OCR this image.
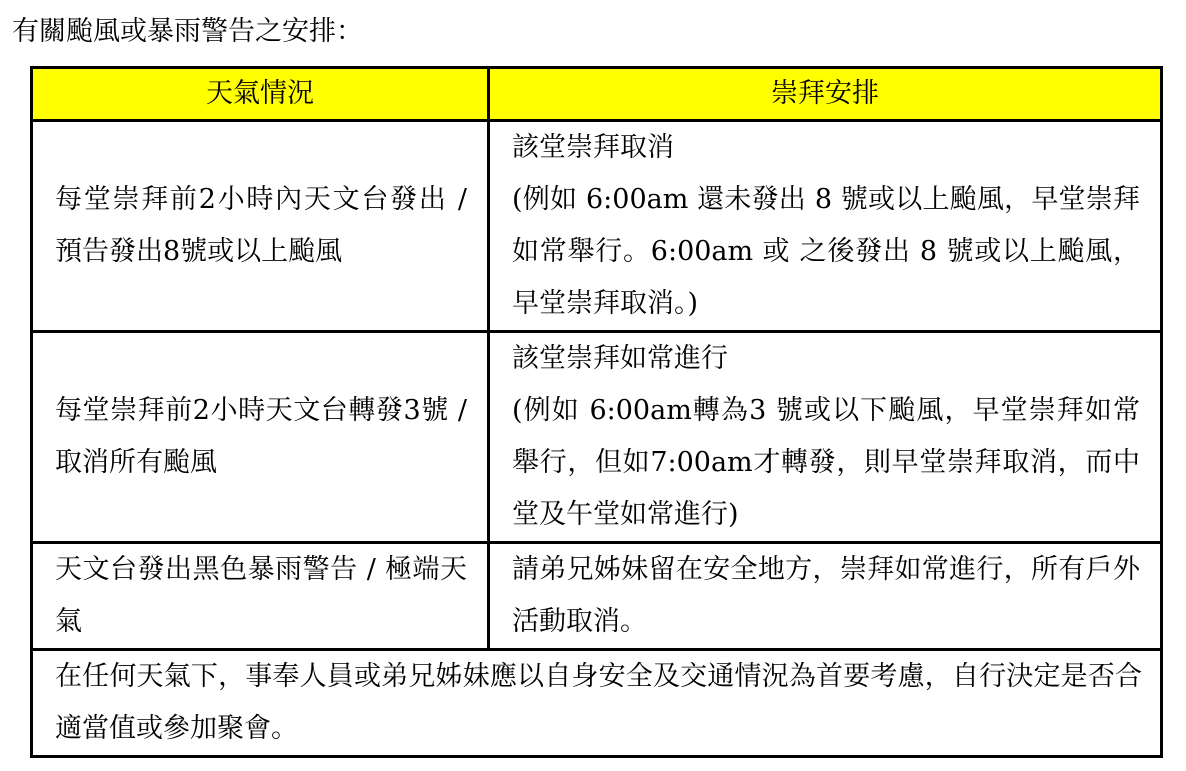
有關颱風或暴雨警告之安排：
天氣情況	崇拜安排

每堂崇拜前2小時內天文台發出 / 預告發出8號或以上颱風	該堂崇拜取消
(例如 6:00am 還未發出 8 號或以上颱風，早堂崇拜如常舉行。6:00am 或 之後發出 8 號或以上颱風，早堂崇拜取消。)

每堂崇拜前2小時天文台轉發3號 / 取消所有颱風	該堂崇拜如常進行
(例如 6:00am轉為3 號或以下颱風，早堂崇拜如常舉行，但如7:00am才轉發，則早堂崇拜取消，而中堂及午堂如常進行)

天文台發出黑色暴雨警告 / 極端天氣	請弟兄姊妹留在安全地方，崇拜如常進行，所有戶外活動取消。

在任何天氣下，事奉人員或弟兄姊妹應以自身安全及交通情況為首要考慮，自行決定是否合適當值或參加聚會。	
